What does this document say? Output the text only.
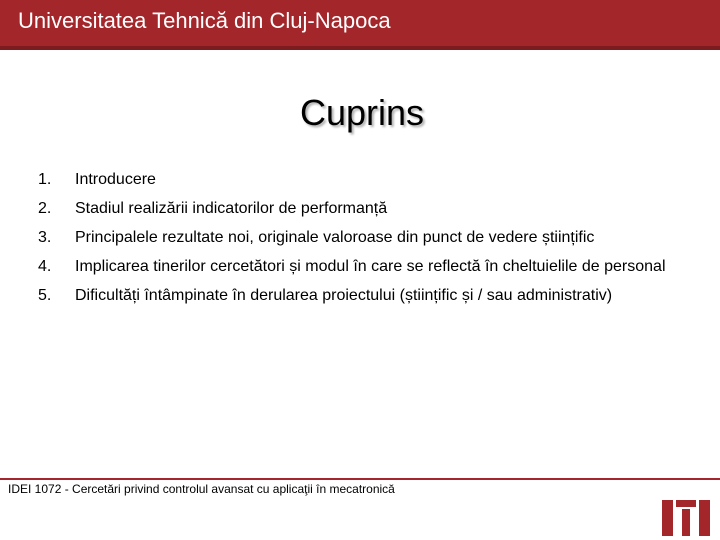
Universitatea Tehnică din Cluj-Napoca
Cuprins
1.	Introducere
2.	Stadiul realizării indicatorilor de performanță
3.	Principalele rezultate noi, originale valoroase din punct de vedere științific
4.	Implicarea tinerilor cercetători și modul în care se reflectă în cheltuielile de personal
5.	Dificultăți întâmpinate în derularea proiectului (științific și / sau administrativ)
IDEI 1072 - Cercetări privind controlul avansat cu aplicaţii în mecatronică
